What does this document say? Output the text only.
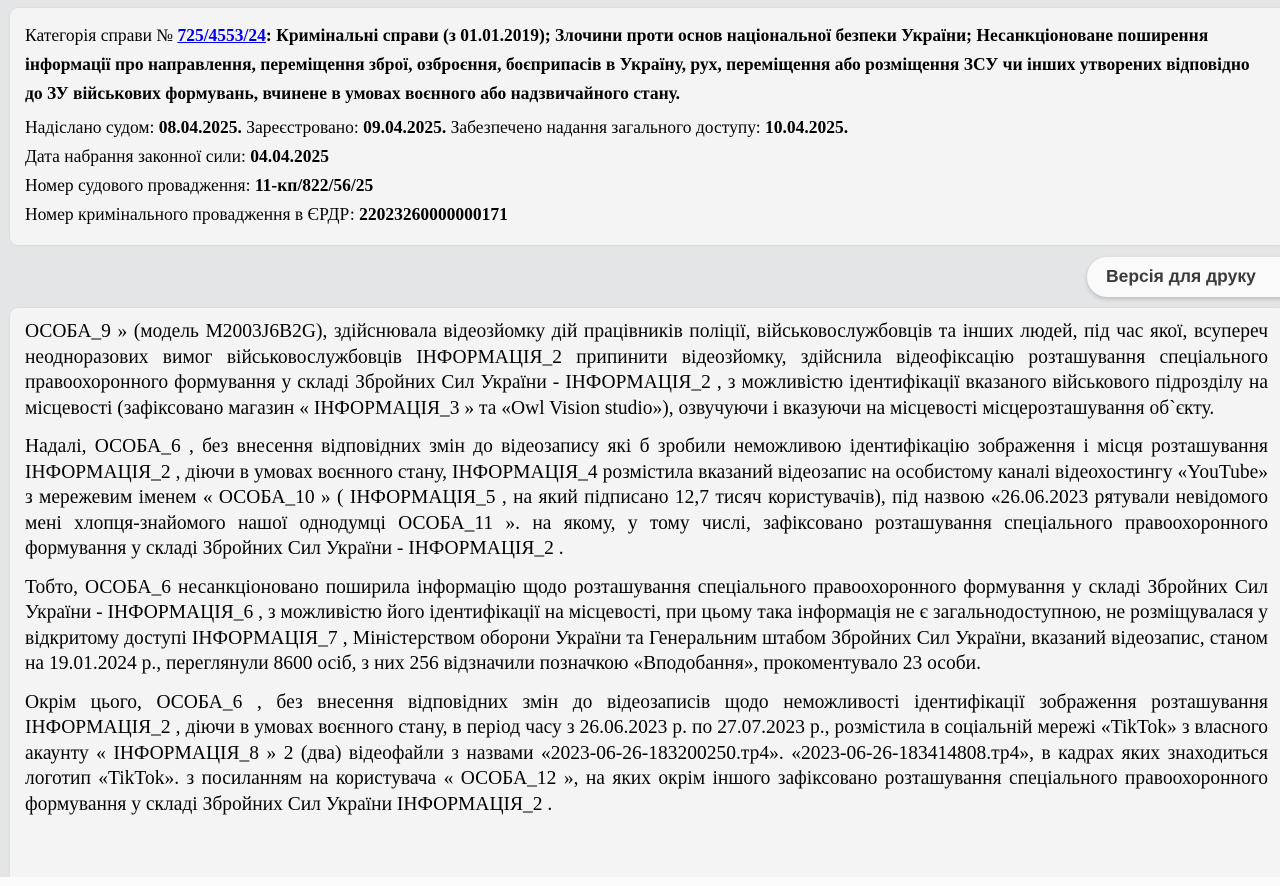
Категорія справи № 725/4553/24: Кримінальні справи (з 01.01.2019); Злочини проти основ національної безпеки України; Несанкціоноване поширення інформації про направлення, переміщення зброї, озброєння, боєприпасів в Україну, рух, переміщення або розміщення ЗСУ чи інших утворених відповідно до ЗУ військових формувань, вчинене в умовах воєнного або надзвичайного стану.

Надіслано судом: 08.04.2025. Зареєстровано: 09.04.2025. Забезпечено надання загального доступу: 10.04.2025.

Дата набрання законної сили: 04.04.2025

Номер судового провадження: 11-кп/822/56/25

Номер кримінального провадження в ЄРДР: 22023260000000171

Версія для друку

ОСОБА_9 » (модель M2003J6B2G), здійснювала відеозйомку дій працівників поліції, військовослужбовців та інших людей, під час якої, всупереч неодноразових вимог військовослужбовців ІНФОРМАЦІЯ_2 припинити відеозйомку, здійснила відеофіксацію розташування спеціального правоохоронного формування у складі Збройних Сил України - ІНФОРМАЦІЯ_2 , з можливістю ідентифікації вказаного військового підрозділу на місцевості (зафіксовано магазин « ІНФОРМАЦІЯ_3 » та «Owl Vision studio»), озвучуючи і вказуючи на місцевості місцерозташування об`єкту.

Надалі, ОСОБА_6 , без внесення відповідних змін до відеозапису які б зробили неможливою ідентифікацію зображення і місця розташування ІНФОРМАЦІЯ_2 , діючи в умовах воєнного стану, ІНФОРМАЦІЯ_4 розмістила вказаний відеозапис на особистому каналі відеохостингу «YouTube» з мережевим іменем « ОСОБА_10 » ( ІНФОРМАЦІЯ_5 , на який підписано 12,7 тисяч користувачів), під назвою «26.06.2023 рятували невідомого мені хлопця-знайомого нашої однодумці ОСОБА_11 ». на якому, у тому числі, зафіксовано розташування спеціального правоохоронного формування у складі Збройних Сил України - ІНФОРМАЦІЯ_2 .

Тобто, ОСОБА_6 несанкціоновано поширила інформацію щодо розташування спеціального правоохоронного формування у складі Збройних Сил України - ІНФОРМАЦІЯ_6 , з можливістю його ідентифікації на місцевості, при цьому така інформація не є загальнодоступною, не розміщувалася у відкритому доступі ІНФОРМАЦІЯ_7 , Міністерством оборони України та Генеральним штабом Збройних Сил України, вказаний відеозапис, станом на 19.01.2024 р., переглянули 8600 осіб, з них 256 відзначили позначкою «Вподобання», прокоментувало 23 особи.

Окрім цього, ОСОБА_6 , без внесення відповідних змін до відеозаписів щодо неможливості ідентифікації зображення розташування ІНФОРМАЦІЯ_2 , діючи в умовах воєнного стану, в період часу з 26.06.2023 р. по 27.07.2023 р., розмістила в соціальній мережі «TikTok» з власного акаунту « ІНФОРМАЦІЯ_8 » 2 (два) відеофайли з назвами «2023-06-26-183200250.тр4». «2023-06-26-183414808.тр4», в кадрах яких знаходиться логотип «TikTok». з посиланням на користувача « ОСОБА_12 », на яких окрім іншого зафіксовано розташування спеціального правоохоронного формування у складі Збройних Сил України ІНФОРМАЦІЯ_2 .
